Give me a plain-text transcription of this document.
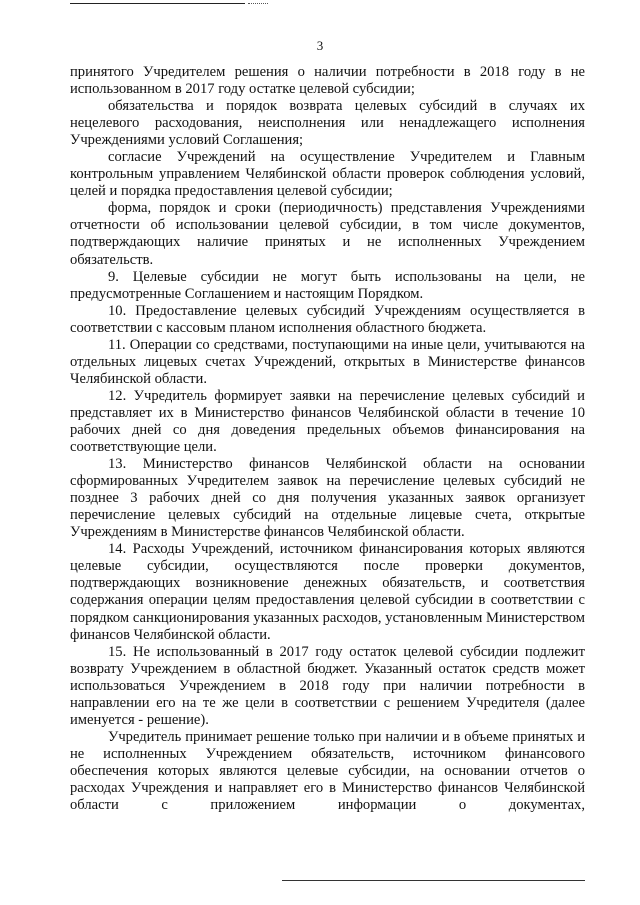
3

принятого Учредителем решения о наличии потребности в 2018 году в не использованном в 2017 году остатке целевой субсидии;

обязательства и порядок возврата целевых субсидий в случаях их нецелевого расходования, неисполнения или ненадлежащего исполнения Учреждениями условий Соглашения;

согласие Учреждений на осуществление Учредителем и Главным контрольным управлением Челябинской области проверок соблюдения условий, целей и порядка предоставления целевой субсидии;

форма, порядок и сроки (периодичность) представления Учреждениями отчетности об использовании целевой субсидии, в том числе документов, подтверждающих наличие принятых и не исполненных Учреждением обязательств.

9. Целевые субсидии не могут быть использованы на цели, не предусмотренные Соглашением и настоящим Порядком.

10. Предоставление целевых субсидий Учреждениям осуществляется в соответствии с кассовым планом исполнения областного бюджета.

11. Операции со средствами, поступающими на иные цели, учитываются на отдельных лицевых счетах Учреждений, открытых в Министерстве финансов Челябинской области.

12. Учредитель формирует заявки на перечисление целевых субсидий и представляет их в Министерство финансов Челябинской области в течение 10 рабочих дней со дня доведения предельных объемов финансирования на соответствующие цели.

13. Министерство финансов Челябинской области на основании сформированных Учредителем заявок на перечисление целевых субсидий не позднее 3 рабочих дней со дня получения указанных заявок организует перечисление целевых субсидий на отдельные лицевые счета, открытые Учреждениям в Министерстве финансов Челябинской области.

14. Расходы Учреждений, источником финансирования которых являются целевые субсидии, осуществляются после проверки документов, подтверждающих возникновение денежных обязательств, и соответствия содержания операции целям предоставления целевой субсидии в соответствии с порядком санкционирования указанных расходов, установленным Министерством финансов Челябинской области.

15. Не использованный в 2017 году остаток целевой субсидии подлежит возврату Учреждением в областной бюджет. Указанный остаток средств может использоваться Учреждением в 2018 году при наличии потребности в направлении его на те же цели в соответствии с решением Учредителя (далее именуется - решение).

Учредитель принимает решение только при наличии и в объеме принятых и не исполненных Учреждением обязательств, источником финансового обеспечения которых являются целевые субсидии, на основании отчетов о расходах Учреждения и направляет его в Министерство финансов Челябинской области с приложением информации о документах,
